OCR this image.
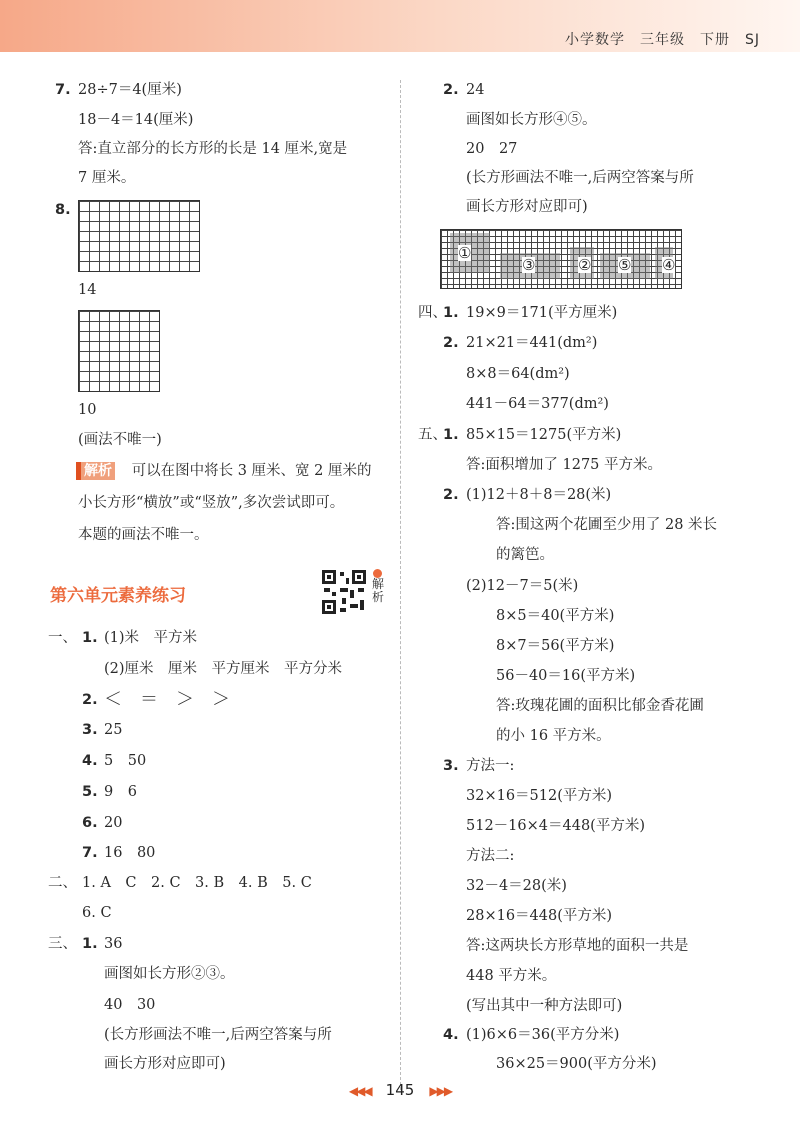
小学数学　三年级　下册　SJ
7. 28÷7＝4(厘米)
18－4＝14(厘米)
答:直立部分的长方形的长是 14 厘米,宽是
7 厘米。
8.
14
10
(画法不唯一)
解析 可以在图中将长 3 厘米、宽 2 厘米的
小长方形“横放”或“竖放”,多次尝试即可。
本题的画法不唯一。
第六单元素养练习
解析
一、 1. (1)米　平方米
(2)厘米　厘米　平方厘米　平方分米
2. ＜　＝　＞　＞
3. 25
4. 5　50
5. 9　6
6. 20
7. 16　80
二、 1. A　C　2. C　3. B　4. B　5. C
6. C
三、 1. 36
画图如长方形②③。
40　30
(长方形画法不唯一,后两空答案与所
画长方形对应即可)
2. 24
画图如长方形④⑤。
20　27
(长方形画法不唯一,后两空答案与所
画长方形对应即可)
①
③	② ⑤ ④
四、
1. 19×9＝171(平方厘米)
2. 21×21＝441(dm²)
8×8＝64(dm²)
441－64＝377(dm²)
五、
1. 85×15＝1275(平方米)
答:面积增加了 1275 平方米。
2. (1)12＋8＋8＝28(米)
答:围这两个花圃至少用了 28 米长
的篱笆。
(2)12－7＝5(米)
8×5＝40(平方米)
8×7＝56(平方米)
56－40＝16(平方米)
答:玫瑰花圃的面积比郁金香花圃
的小 16 平方米。
3. 方法一:
32×16＝512(平方米)
512－16×4＝448(平方米)
方法二:
32－4＝28(米)
28×16＝448(平方米)
答:这两块长方形草地的面积一共是
448 平方米。
(写出其中一种方法即可)
4. (1)6×6＝36(平方分米)
36×25＝900(平方分米)
◀◀◀ 145 ▶▶▶
